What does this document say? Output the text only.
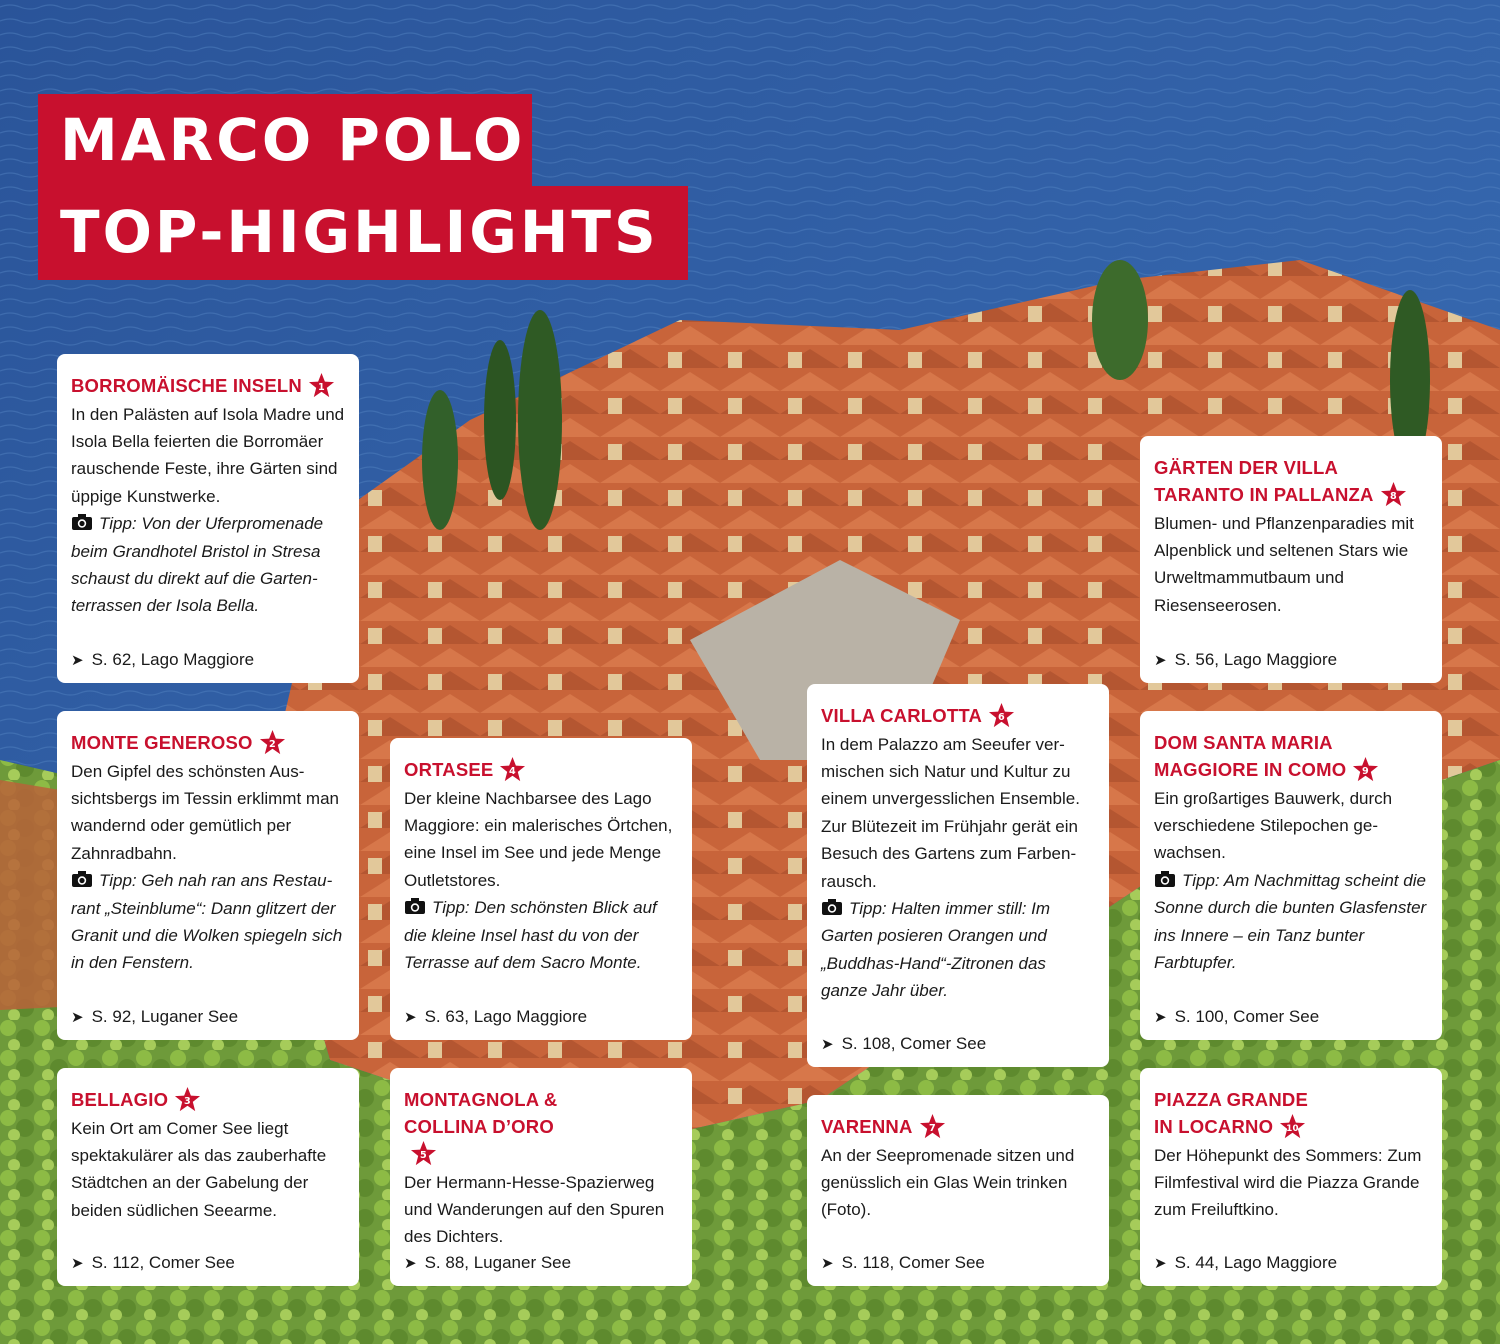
MARCO POLO
TOP-HIGHLIGHTS
BORROMÄISCHE INSELN 1
In den Palästen auf Isola Madre und Isola Bella feierten die Borromäer rauschende Feste, ihre Gärten sind üppige Kunstwerke.
Tipp: Von der Uferpromenade beim Grandhotel Bristol in Stresa schaust du direkt auf die Gartenterrassen der Isola Bella.
➤ S. 62, Lago Maggiore
MONTE GENEROSO 2
Den Gipfel des schönsten Aussichtsbergs im Tessin erklimmt man wandernd oder gemütlich per Zahnradbahn.
Tipp: Geh nah ran ans Restaurant „Steinblume“: Dann glitzert der Granit und die Wolken spiegeln sich in den Fenstern.
➤ S. 92, Luganer See
BELLAGIO 3
Kein Ort am Comer See liegt spektakulärer als das zauberhafte Städtchen an der Gabelung der beiden südlichen Seearme.
➤ S. 112, Comer See
ORTASEE 4
Der kleine Nachbarsee des Lago Maggiore: ein malerisches Örtchen, eine Insel im See und jede Menge Outletstores.
Tipp: Den schönsten Blick auf die kleine Insel hast du von der Terrasse auf dem Sacro Monte.
➤ S. 63, Lago Maggiore
MONTAGNOLA & COLLINA D’ORO
5
Der Hermann-Hesse-Spazierweg und Wanderungen auf den Spuren des Dichters.
➤ S. 88, Luganer See
VILLA CARLOTTA 6
In dem Palazzo am Seeufer vermischen sich Natur und Kultur zu einem unvergesslichen Ensemble. Zur Blütezeit im Frühjahr gerät ein Besuch des Gartens zum Farbenrausch.
Tipp: Halten immer still: Im Garten posieren Orangen und „Buddhas-Hand“-Zitronen das ganze Jahr über.
➤ S. 108, Comer See
VARENNA 7
An der Seepromenade sitzen und genüsslich ein Glas Wein trinken (Foto).
➤ S. 118, Comer See
GÄRTEN DER VILLA TARANTO IN PALLANZA 8
Blumen- und Pflanzenparadies mit Alpenblick und seltenen Stars wie Urweltmammutbaum und Riesenseerosen.
➤ S. 56, Lago Maggiore
DOM SANTA MARIA MAGGIORE IN COMO 9
Ein großartiges Bauwerk, durch verschiedene Stilepochen gewachsen.
Tipp: Am Nachmittag scheint die Sonne durch die bunten Glasfenster ins Innere – ein Tanz bunter Farbtupfer.
➤ S. 100, Comer See
PIAZZA GRANDE IN LOCARNO 10
Der Höhepunkt des Sommers: Zum Filmfestival wird die Piazza Grande zum Freiluftkino.
➤ S. 44, Lago Maggiore
